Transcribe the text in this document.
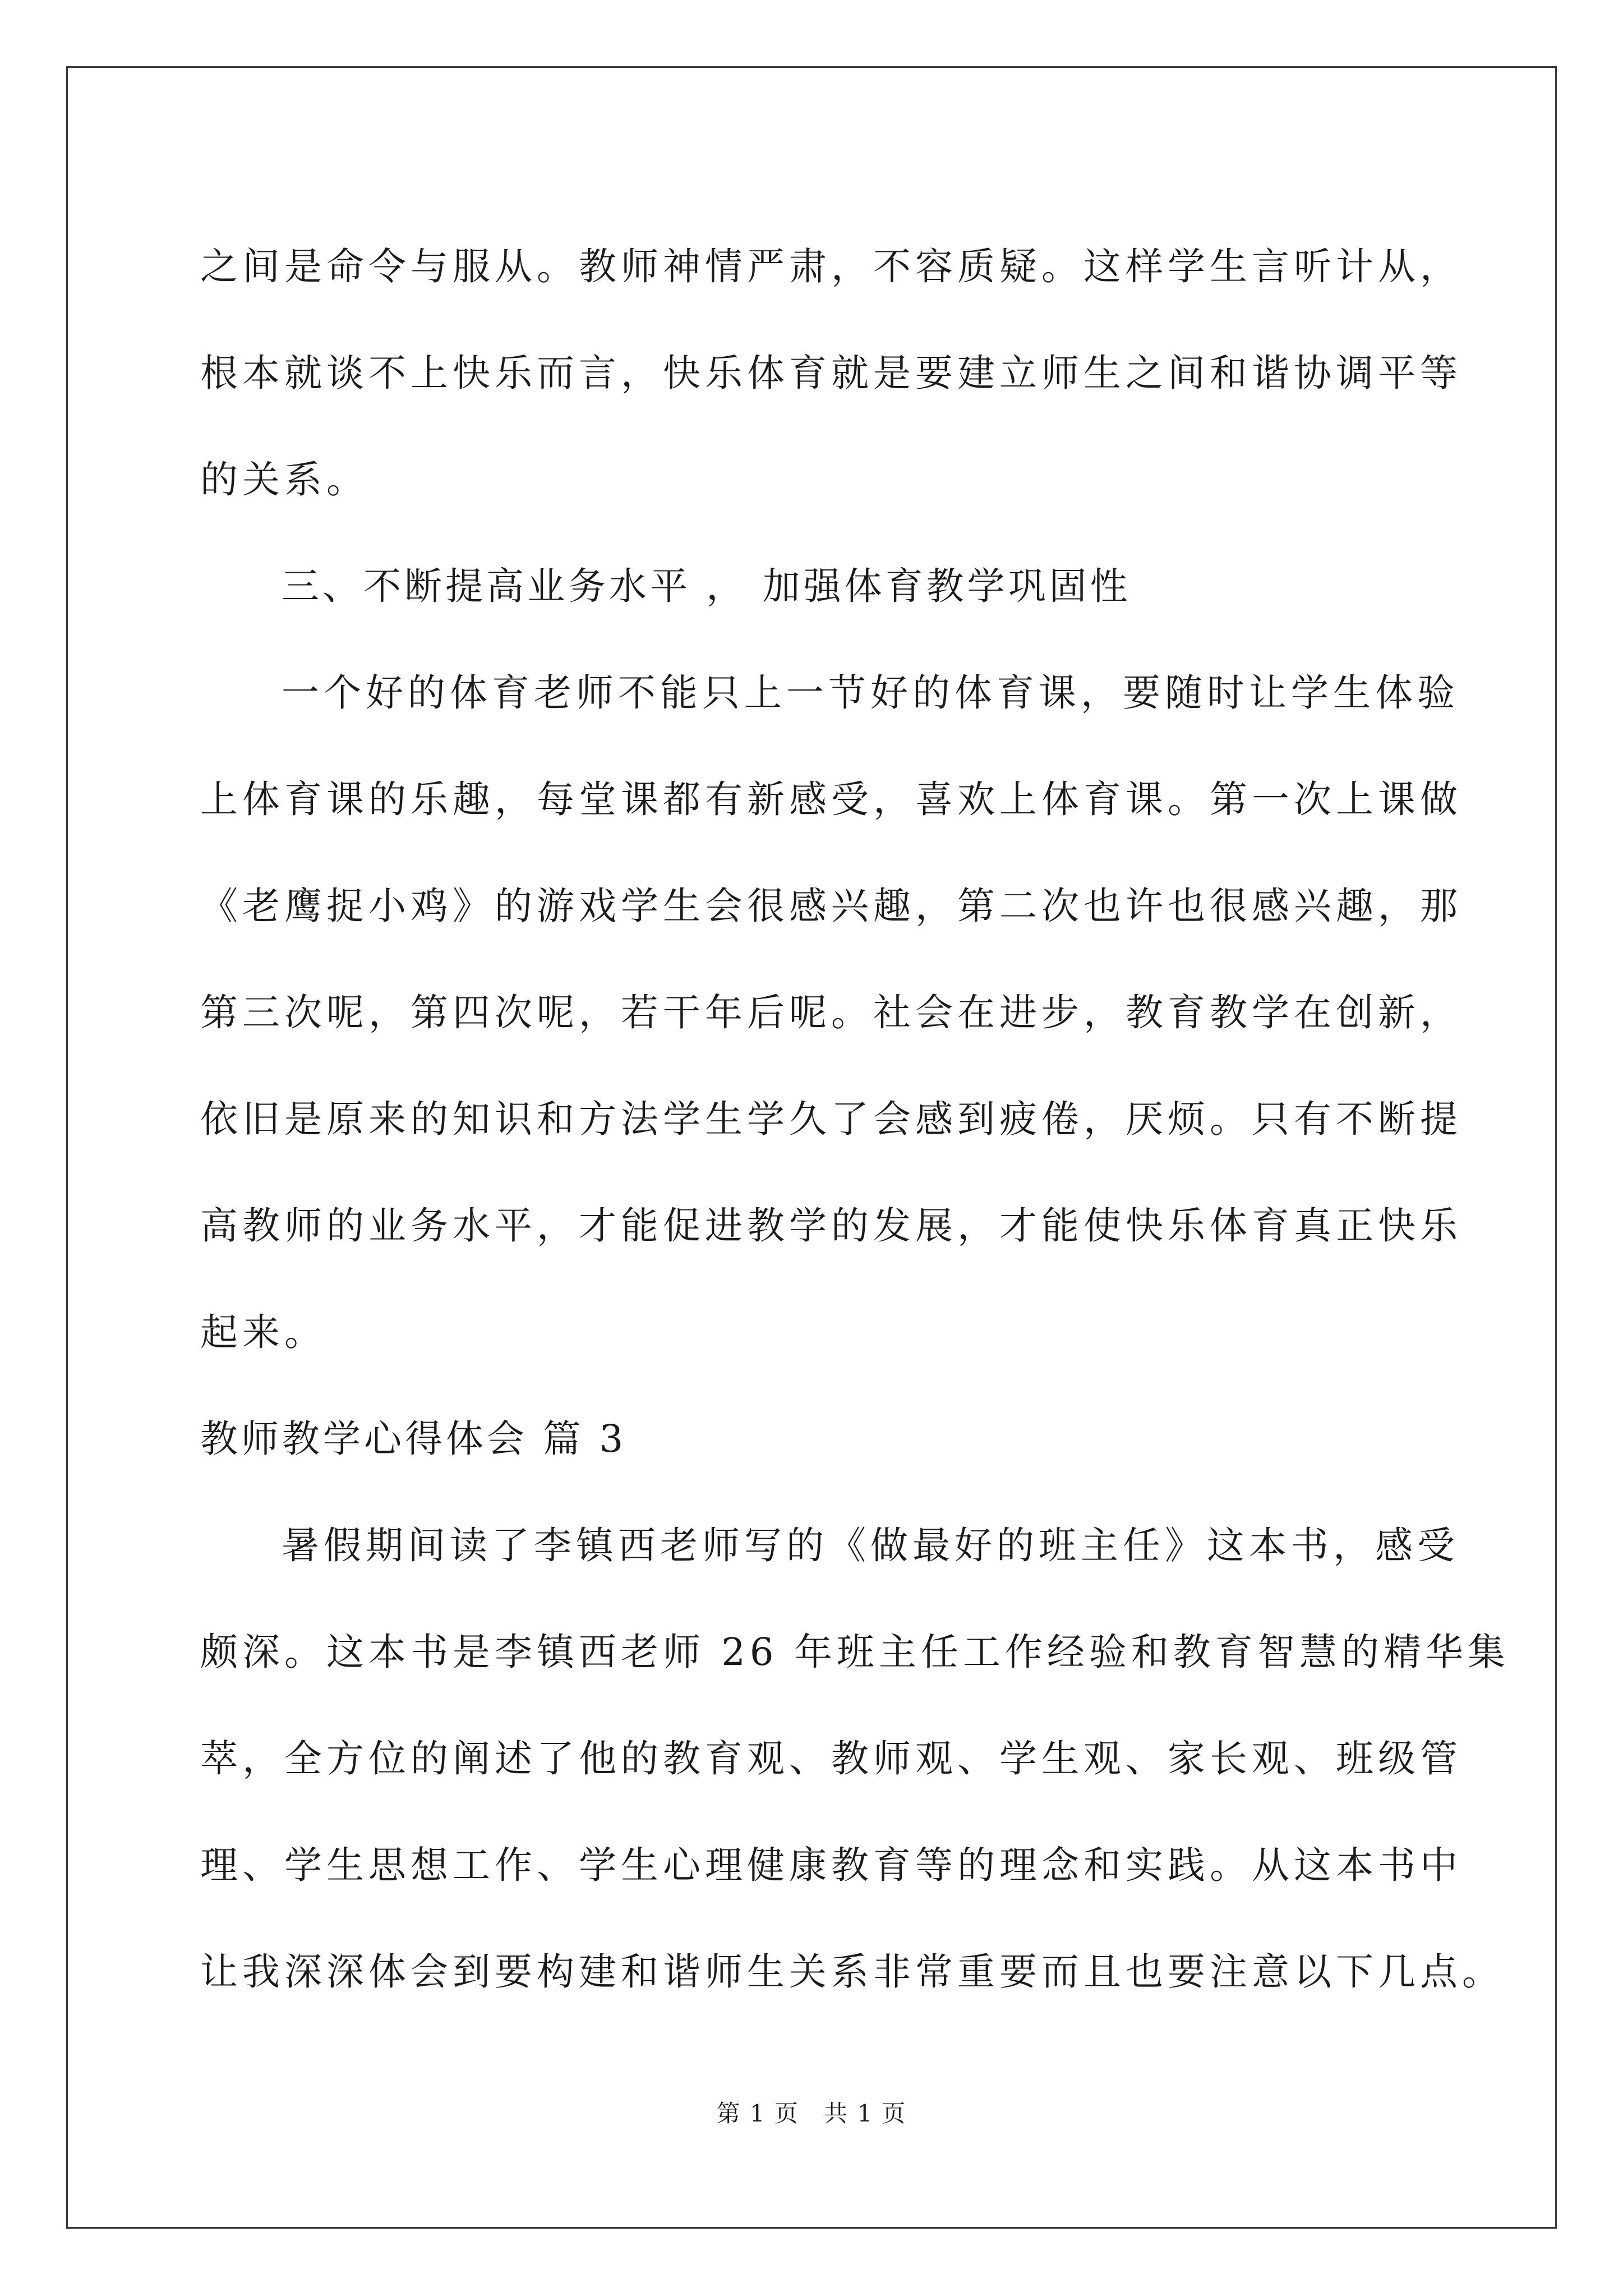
之间是命令与服从。教师神情严肃，不容质疑。这样学生言听计从，
根本就谈不上快乐而言，快乐体育就是要建立师生之间和谐协调平等
的关系。
三、不断提高业务水平 ， 加强体育教学巩固性
一个好的体育老师不能只上一节好的体育课，要随时让学生体验
上体育课的乐趣，每堂课都有新感受，喜欢上体育课。第一次上课做
《老鹰捉小鸡》的游戏学生会很感兴趣，第二次也许也很感兴趣，那
第三次呢，第四次呢，若干年后呢。社会在进步，教育教学在创新，
依旧是原来的知识和方法学生学久了会感到疲倦，厌烦。只有不断提
高教师的业务水平，才能促进教学的发展，才能使快乐体育真正快乐
起来。
教师教学心得体会 篇 3
暑假期间读了李镇西老师写的《做最好的班主任》这本书，感受
颇深。这本书是李镇西老师 26 年班主任工作经验和教育智慧的精华集
萃，全方位的阐述了他的教育观、教师观、学生观、家长观、班级管
理、学生思想工作、学生心理健康教育等的理念和实践。从这本书中
让我深深体会到要构建和谐师生关系非常重要而且也要注意以下几点。
第 1 页　共 1 页
